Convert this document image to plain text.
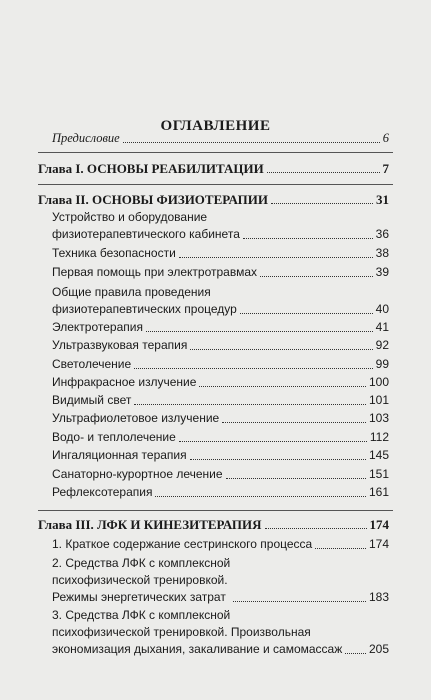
ОГЛАВЛЕНИЕ
Предисловие	6
Глава I. ОСНОВЫ РЕАБИЛИТАЦИИ	7
Глава II. ОСНОВЫ ФИЗИОТЕРАПИИ	31
Устройство и оборудование
физиотерапевтического кабинета	36
Техника безопасности	38
Первая помощь при электротравмах	39
Общие правила проведения
физиотерапевтических процедур	40
Электротерапия	41
Ультразвуковая терапия	92
Светолечение	99
Инфракрасное излучение	100
Видимый свет	101
Ультрафиолетовое излучение	103
Водо- и теплолечение	112
Ингаляционная терапия	145
Санаторно-курортное лечение	151
Рефлексотерапия	161
Глава III. ЛФК И КИНЕЗИТЕРАПИЯ	174
1. Краткое содержание сестринского процесса	174
2. Средства ЛФК с комплексной
психофизической тренировкой.
Режимы энергетических затрат	183
3. Средства ЛФК с комплексной
психофизической тренировкой. Произвольная
экономизация дыхания, закаливание и самомассаж 205
